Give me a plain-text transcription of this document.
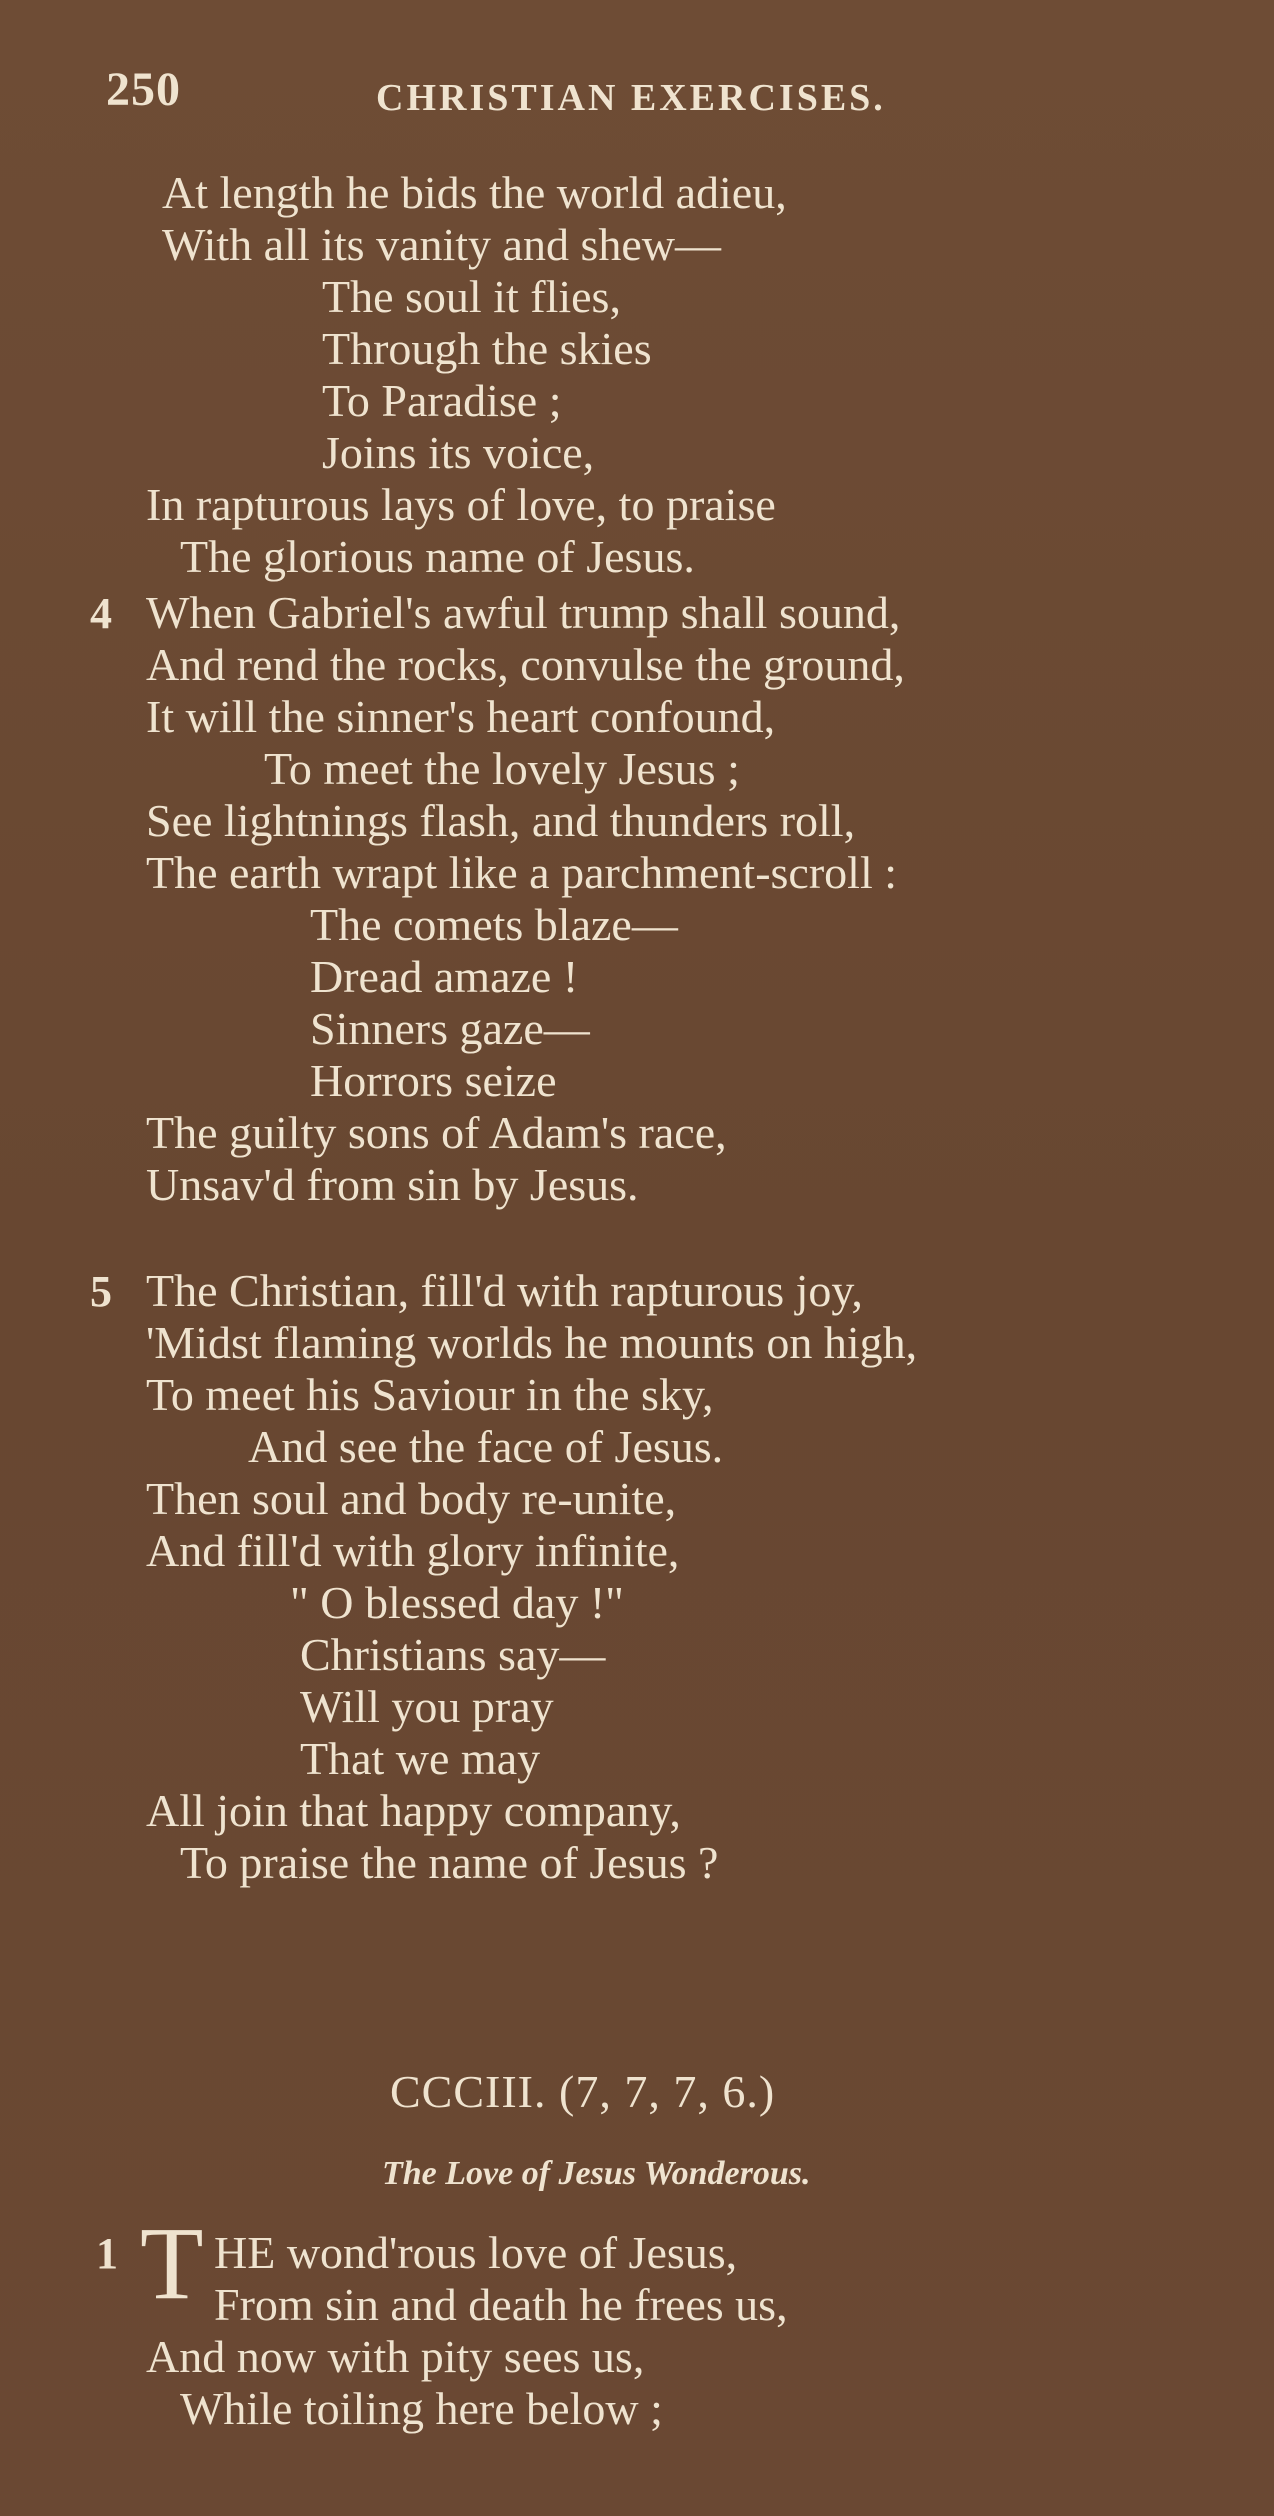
250	CHRISTIAN EXERCISES.
At length he bids the world adieu,
With all its vanity and shew—
The soul it flies,
Through the skies
To Paradise ;
Joins its voice,
In rapturous lays of love, to praise
The glorious name of Jesus.
4 When Gabriel's awful trump shall sound,
And rend the rocks, convulse the ground,
It will the sinner's heart confound,
To meet the lovely Jesus ;
See lightnings flash, and thunders roll,
The earth wrapt like a parchment-scroll :
The comets blaze—
Dread amaze !
Sinners gaze—
Horrors seize
The guilty sons of Adam's race,
Unsav'd from sin by Jesus.
5 The Christian, fill'd with rapturous joy,
'Midst flaming worlds he mounts on high,
To meet his Saviour in the sky,
And see the face of Jesus.
Then soul and body re-unite,
And fill'd with glory infinite,
" O blessed day !"
Christians say—
Will you pray
That we may
All join that happy company,
To praise the name of Jesus ?
CCCIII. (7, 7, 7, 6.)
The Love of Jesus Wonderous.
1 T HE wond'rous love of Jesus,
From sin and death he frees us,
And now with pity sees us,
While toiling here below ;
